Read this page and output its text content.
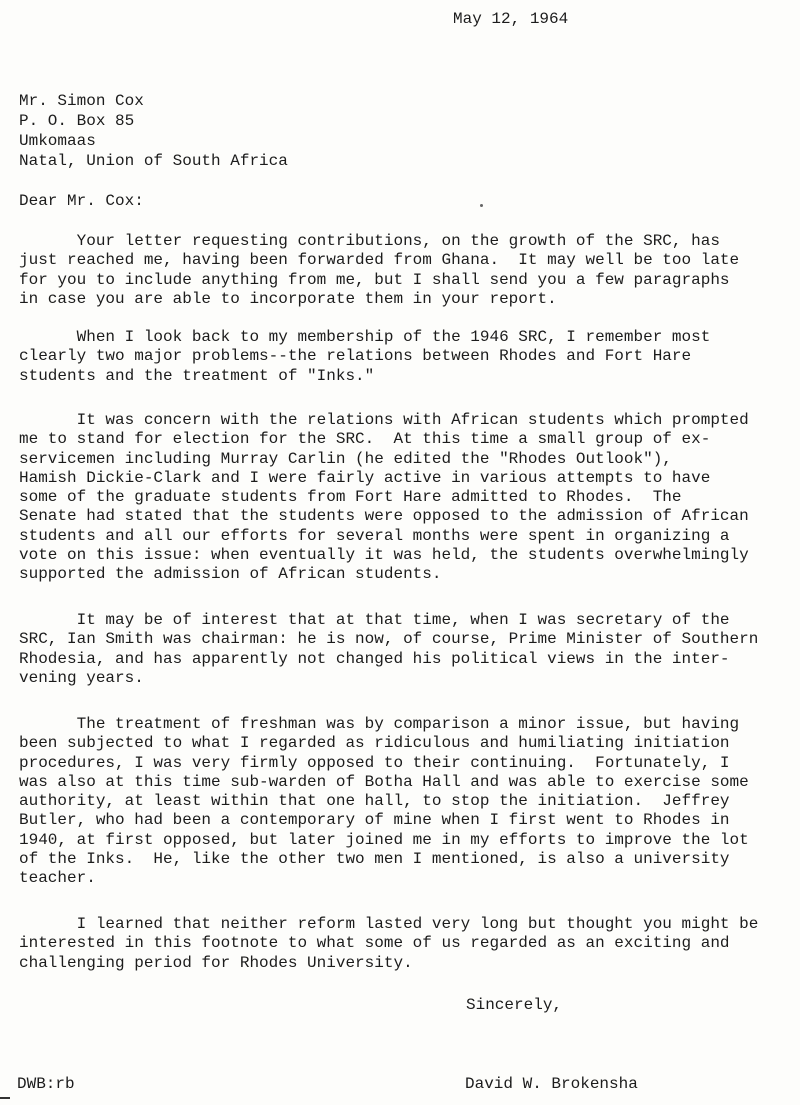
May 12, 1964
Mr. Simon Cox
P. O. Box 85
Umkomaas
Natal, Union of South Africa
Dear Mr. Cox:
Your letter requesting contributions, on the growth of the SRC, has
just reached me, having been forwarded from Ghana.  It may well be too late
for you to include anything from me, but I shall send you a few paragraphs
in case you are able to incorporate them in your report.
When I look back to my membership of the 1946 SRC, I remember most
clearly two major problems--the relations between Rhodes and Fort Hare
students and the treatment of "Inks."
It was concern with the relations with African students which prompted
me to stand for election for the SRC.  At this time a small group of ex-
servicemen including Murray Carlin (he edited the "Rhodes Outlook"),
Hamish Dickie-Clark and I were fairly active in various attempts to have
some of the graduate students from Fort Hare admitted to Rhodes.  The
Senate had stated that the students were opposed to the admission of African
students and all our efforts for several months were spent in organizing a
vote on this issue: when eventually it was held, the students overwhelmingly
supported the admission of African students.
It may be of interest that at that time, when I was secretary of the
SRC, Ian Smith was chairman: he is now, of course, Prime Minister of Southern
Rhodesia, and has apparently not changed his political views in the inter-
vening years.
The treatment of freshman was by comparison a minor issue, but having
been subjected to what I regarded as ridiculous and humiliating initiation
procedures, I was very firmly opposed to their continuing.  Fortunately, I
was also at this time sub-warden of Botha Hall and was able to exercise some
authority, at least within that one hall, to stop the initiation.  Jeffrey
Butler, who had been a contemporary of mine when I first went to Rhodes in
1940, at first opposed, but later joined me in my efforts to improve the lot
of the Inks.  He, like the other two men I mentioned, is also a university
teacher.
I learned that neither reform lasted very long but thought you might be
interested in this footnote to what some of us regarded as an exciting and
challenging period for Rhodes University.
Sincerely,
DWB:rb	David W. Brokensha
